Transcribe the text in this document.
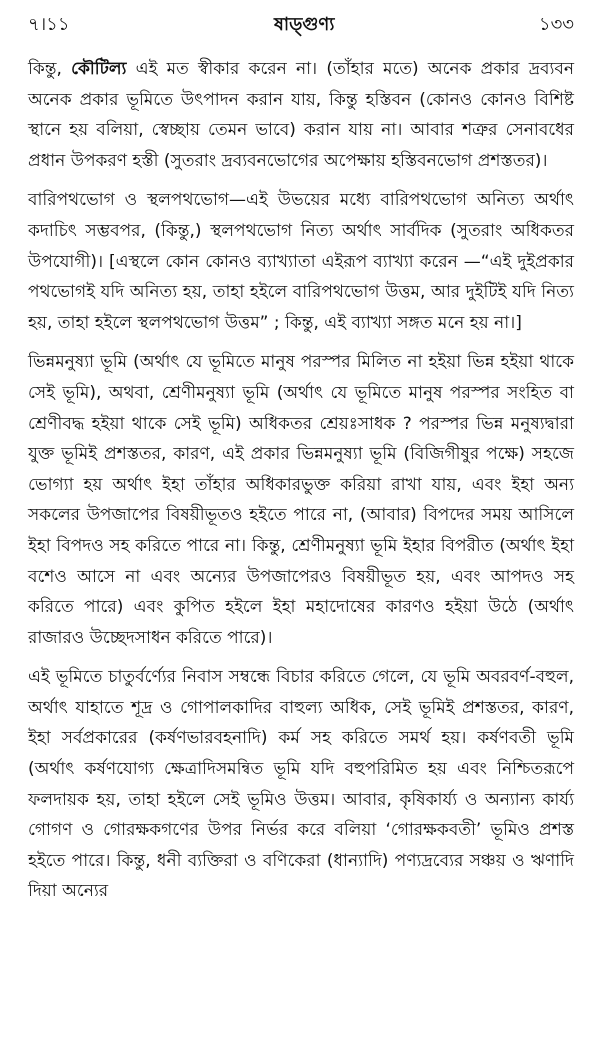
৭।১১	ষাড্‌গুণ্য	১৩৩

কিন্তু, কৌটিল্য এই মত স্বীকার করেন না। (তাঁহার মতে) অনেক প্রকার দ্রব্যবন অনেক প্রকার ভূমিতে উৎপাদন করান যায়, কিন্তু হস্তিবন (কোনও কোনও বিশিষ্ট স্থানে হয় বলিয়া, স্বেচ্ছায় তেমন ভাবে) করান যায় না। আবার শত্রুর সেনাবধের প্রধান উপকরণ হস্তী (সুতরাং দ্রব্যবনভোগের অপেক্ষায় হস্তিবনভোগ প্রশস্ততর)।

বারিপথভোগ ও স্থলপথভোগ—এই উভয়ের মধ্যে বারিপথভোগ অনিত্য অর্থাৎ কদাচিৎ সম্ভবপর, (কিন্তু,) স্থলপথভোগ নিত্য অর্থাৎ সার্বদিক (সুতরাং অধিকতর উপযোগী)। [এস্থলে কোন কোনও ব্যাখ্যাতা এইরূপ ব্যাখ্যা করেন —“এই দুইপ্রকার পথভোগই যদি অনিত্য হয়, তাহা হইলে বারিপথভোগ উত্তম, আর দুইটিই যদি নিত্য হয়, তাহা হইলে স্থলপথভোগ উত্তম” ; কিন্তু, এই ব্যাখ্যা সঙ্গত মনে হয় না।]

ভিন্নমনুষ্যা ভূমি (অর্থাৎ যে ভূমিতে মানুষ পরস্পর মিলিত না হইয়া ভিন্ন হইয়া থাকে সেই ভূমি), অথবা, শ্রেণীমনুষ্যা ভূমি (অর্থাৎ যে ভূমিতে মানুষ পরস্পর সংহিত বা শ্রেণীবদ্ধ হইয়া থাকে সেই ভূমি) অধিকতর শ্রেয়ঃসাধক ? পরস্পর ভিন্ন মনুষ্যদ্বারা যুক্ত ভূমিই প্রশস্ততর, কারণ, এই প্রকার ভিন্নমনুষ্যা ভূমি (বিজিগীষুর পক্ষে) সহজে ভোগ্যা হয় অর্থাৎ ইহা তাঁহার অধিকারভুক্ত করিয়া রাখা যায়, এবং ইহা অন্য সকলের উপজাপের বিষয়ীভূতও হইতে পারে না, (আবার) বিপদের সময় আসিলে ইহা বিপদও সহ করিতে পারে না। কিন্তু, শ্রেণীমনুষ্যা ভূমি ইহার বিপরীত (অর্থাৎ ইহা বশেও আসে না এবং অন্যের উপজাপেরও বিষয়ীভূত হয়, এবং আপদও সহ করিতে পারে) এবং কুপিত হইলে ইহা মহাদোষের কারণও হইয়া উঠে (অর্থাৎ রাজারও উচ্ছেদসাধন করিতে পারে)।

এই ভূমিতে চাতুর্বর্ণ্যের নিবাস সম্বন্ধে বিচার করিতে গেলে, যে ভূমি অবরবর্ণ-বহুল, অর্থাৎ যাহাতে শূদ্র ও গোপালকাদির বাহুল্য অধিক, সেই ভূমিই প্রশস্ততর, কারণ, ইহা সর্বপ্রকারের (কর্ষণভারবহনাদি) কর্ম সহ করিতে সমর্থ হয়। কর্ষণবতী ভূমি (অর্থাৎ কর্ষণযোগ্য ক্ষেত্রাদিসমন্বিত ভূমি যদি বহুপরিমিত হয় এবং নিশ্চিতরূপে ফলদায়ক হয়, তাহা হইলে সেই ভূমিও উত্তম। আবার, কৃষিকার্য্য ও অন্যান্য কার্য্য গোগণ ও গোরক্ষকগণের উপর নির্ভর করে বলিয়া ‘গোরক্ষকবতী’ ভূমিও প্রশস্ত হইতে পারে। কিন্তু, ধনী ব্যক্তিরা ও বণিকেরা (ধান্যাদি) পণ্যদ্রব্যের সঞ্চয় ও ঋণাদি দিয়া অন্যের
